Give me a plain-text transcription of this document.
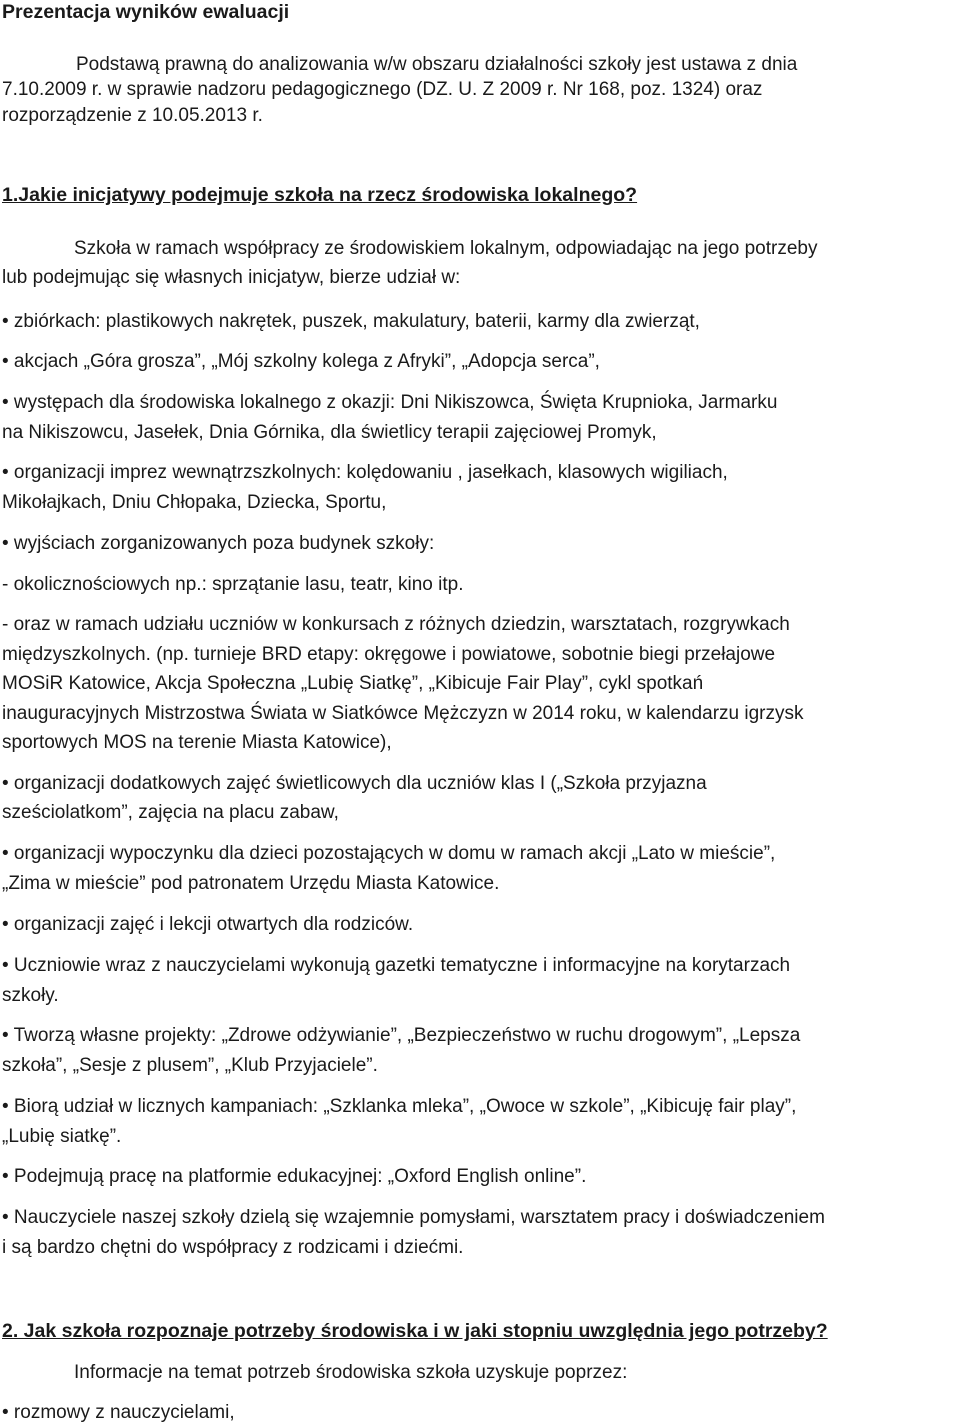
Prezentacja wyników ewaluacji
Podstawą prawną do analizowania w/w obszaru działalności szkoły jest ustawa z dnia
7.10.2009 r. w sprawie nadzoru pedagogicznego (DZ. U. Z 2009 r. Nr 168, poz. 1324) oraz
rozporządzenie z 10.05.2013 r.
1.Jakie inicjatywy podejmuje szkoła na rzecz środowiska lokalnego?
Szkoła w ramach współpracy ze środowiskiem lokalnym, odpowiadając na jego potrzeby
lub podejmując się własnych inicjatyw, bierze udział w:
• zbiórkach: plastikowych nakrętek, puszek, makulatury, baterii, karmy dla zwierząt,
• akcjach „Góra grosza”, „Mój szkolny kolega z Afryki”, „Adopcja serca”,
• występach dla środowiska lokalnego z okazji: Dni Nikiszowca, Święta Krupnioka, Jarmarku
na Nikiszowcu, Jasełek, Dnia Górnika, dla świetlicy terapii zajęciowej Promyk,
• organizacji imprez wewnątrzszkolnych: kolędowaniu , jasełkach, klasowych wigiliach,
Mikołajkach, Dniu Chłopaka, Dziecka, Sportu,
• wyjściach zorganizowanych poza budynek szkoły:
- okolicznościowych np.: sprzątanie lasu, teatr, kino itp.
- oraz w ramach udziału uczniów w konkursach z różnych dziedzin, warsztatach, rozgrywkach
międzyszkolnych. (np. turnieje BRD etapy: okręgowe i powiatowe, sobotnie biegi przełajowe
MOSiR Katowice, Akcja Społeczna „Lubię Siatkę”, „Kibicuje Fair Play”, cykl spotkań
inauguracyjnych Mistrzostwa Świata w Siatkówce Mężczyzn w 2014 roku, w kalendarzu igrzysk
sportowych MOS na terenie Miasta Katowice),
• organizacji dodatkowych zajęć świetlicowych dla uczniów klas I („Szkoła przyjazna
sześciolatkom”, zajęcia na placu zabaw,
• organizacji wypoczynku dla dzieci pozostających w domu w ramach akcji „Lato w mieście”,
„Zima w mieście” pod patronatem Urzędu Miasta Katowice.
• organizacji zajęć i lekcji otwartych dla rodziców.
• Uczniowie wraz z nauczycielami wykonują gazetki tematyczne i informacyjne na korytarzach
szkoły.
• Tworzą własne projekty: „Zdrowe odżywianie”, „Bezpieczeństwo w ruchu drogowym”, „Lepsza
szkoła”, „Sesje z plusem”, „Klub Przyjaciele”.
• Biorą udział w licznych kampaniach: „Szklanka mleka”, „Owoce w szkole”, „Kibicuję fair play”,
„Lubię siatkę”.
• Podejmują pracę na platformie edukacyjnej: „Oxford English online”.
• Nauczyciele naszej szkoły dzielą się wzajemnie pomysłami, warsztatem pracy i doświadczeniem
i są bardzo chętni do współpracy z rodzicami i dziećmi.
2. Jak szkoła rozpoznaje potrzeby środowiska i w jaki stopniu uwzględnia jego potrzeby?
Informacje na temat potrzeb środowiska szkoła uzyskuje poprzez:
• rozmowy z nauczycielami,
